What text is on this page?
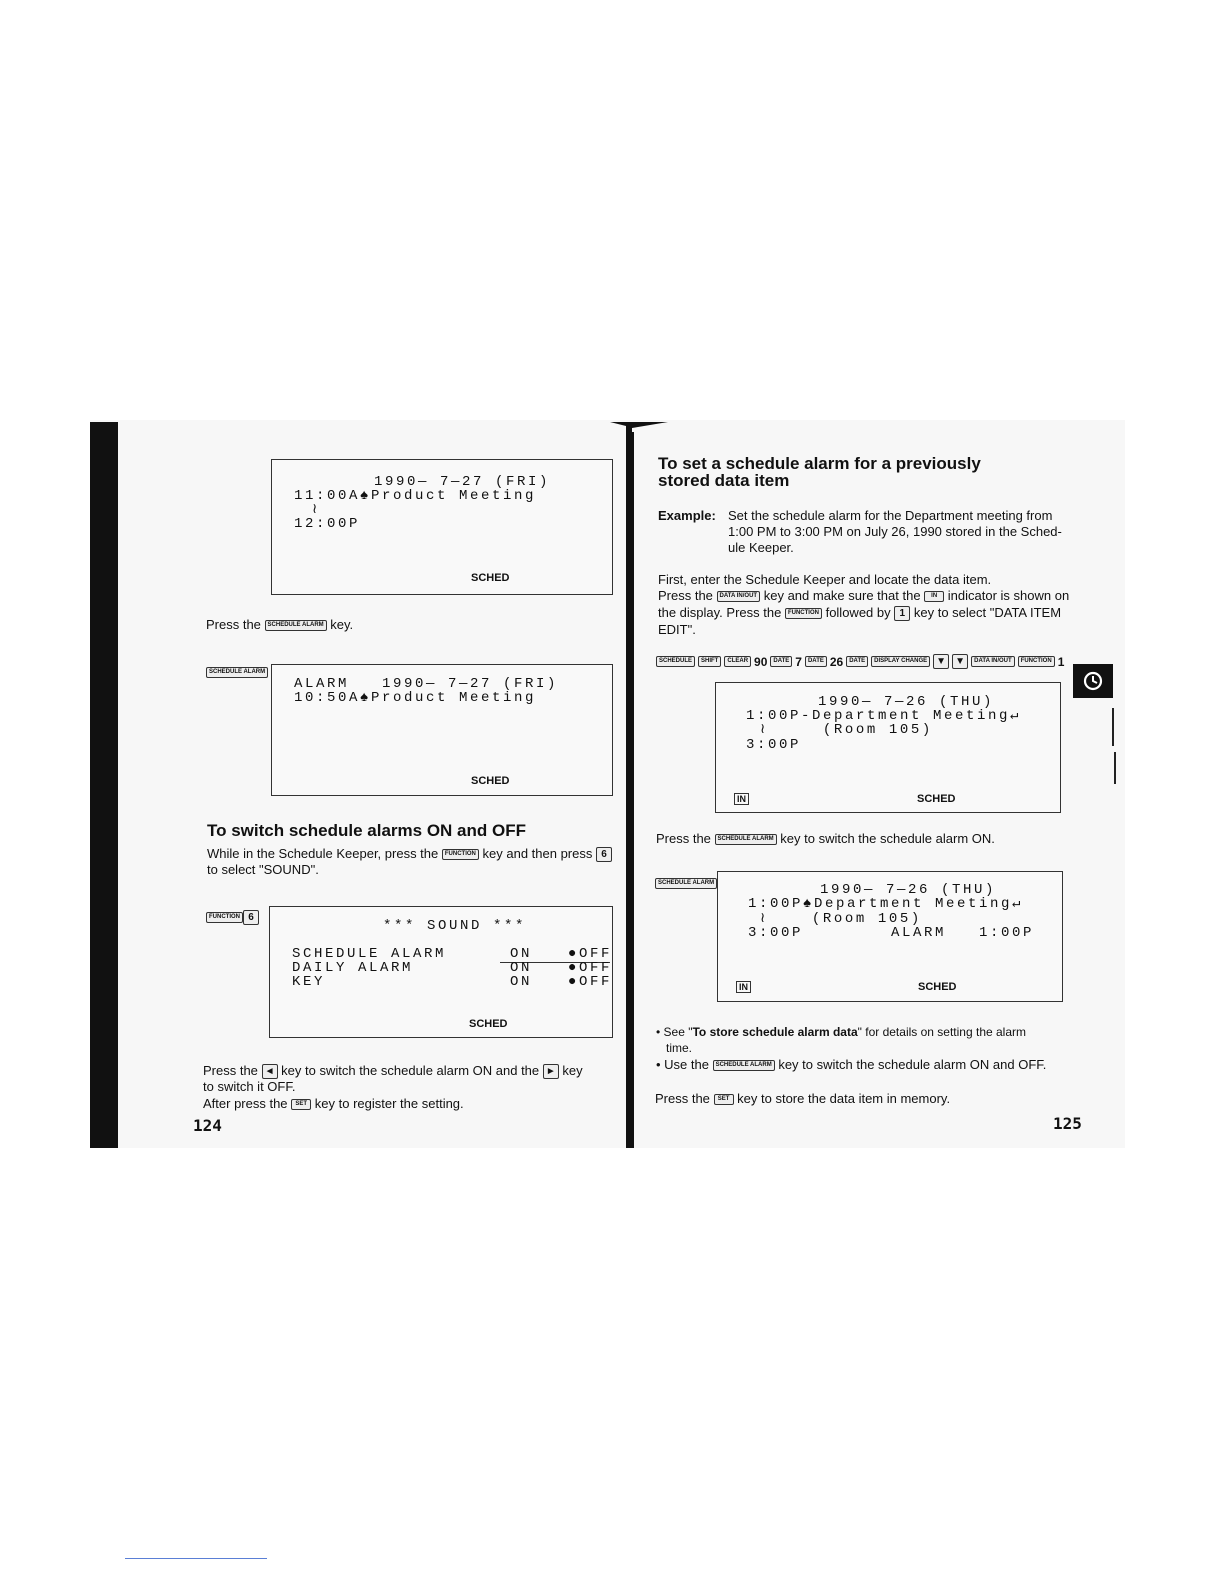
1990— 7—27 (FRI)
11:00A♠Product Meeting
≀
12:00P
SCHED
Press the SCHEDULE ALARM key.
SCHEDULE ALARM
ALARM   1990— 7—27 (FRI)
10:50A♠Product Meeting
SCHED
To switch schedule alarms ON and OFF
While in the Schedule Keeper, press the FUNCTION key and then press 6
to select "SOUND".
FUNCTION 6
*** SOUND ***
SCHEDULE ALARM	ON	●OFF
DAILY ALARM	ON	●OFF
KEY	ON	●OFF
SCHED
Press the ◄ key to switch the schedule alarm ON and the ► key
to switch it OFF.
After press the SET key to register the setting.
124
To set a schedule alarm for a previously
stored data item
Example: Set the schedule alarm for the Department meeting from
1:00 PM to 3:00 PM on July 26, 1990 stored in the Sched-
ule Keeper.
First, enter the Schedule Keeper and locate the data item.
Press the DATA IN/OUT key and make sure that the IN indicator is shown on
the display. Press the FUNCTION followed by 1 key to select "DATA ITEM
EDIT".
SCHEDULE	SHIFT	CLEAR 90	DATE 7	DATE 26	DATE	DISPLAY CHANGE ▼ ▼	DATA IN/OUT	FUNCTION 1
1990— 7—26 (THU)
1:00P-Department Meeting↵
≀     (Room 105)
3:00P
IN	SCHED
Press the SCHEDULE ALARM key to switch the schedule alarm ON.
SCHEDULE ALARM	1990— 7—26 (THU)
1:00P♠Department Meeting↵
≀    (Room 105)
3:00P        ALARM   1:00P
IN	SCHED
• See "To store schedule alarm data" for details on setting the alarm
time.
• Use the SCHEDULE ALARM key to switch the schedule alarm ON and OFF.
Press the SET key to store the data item in memory.
125
